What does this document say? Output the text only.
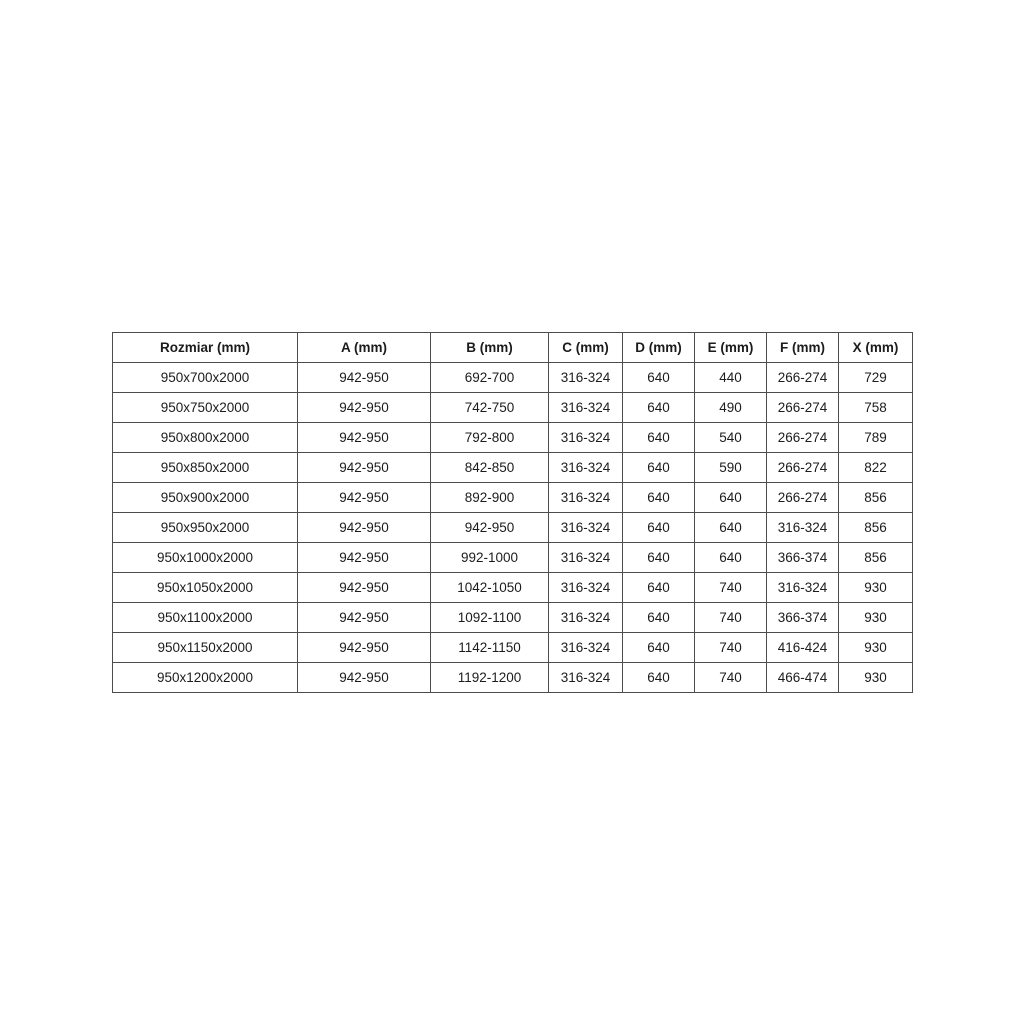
Rozmiar (mm)	A (mm)	B (mm)	C (mm)	D (mm)	E (mm)	F (mm)	X (mm)
950x700x2000	942-950	692-700	316-324	640	440	266-274	729
950x750x2000	942-950	742-750	316-324	640	490	266-274	758
950x800x2000	942-950	792-800	316-324	640	540	266-274	789
950x850x2000	942-950	842-850	316-324	640	590	266-274	822
950x900x2000	942-950	892-900	316-324	640	640	266-274	856
950x950x2000	942-950	942-950	316-324	640	640	316-324	856
950x1000x2000	942-950	992-1000	316-324	640	640	366-374	856
950x1050x2000	942-950	1042-1050	316-324	640	740	316-324	930
950x1100x2000	942-950	1092-1100	316-324	640	740	366-374	930
950x1150x2000	942-950	1142-1150	316-324	640	740	416-424	930
950x1200x2000	942-950	1192-1200	316-324	640	740	466-474	930
